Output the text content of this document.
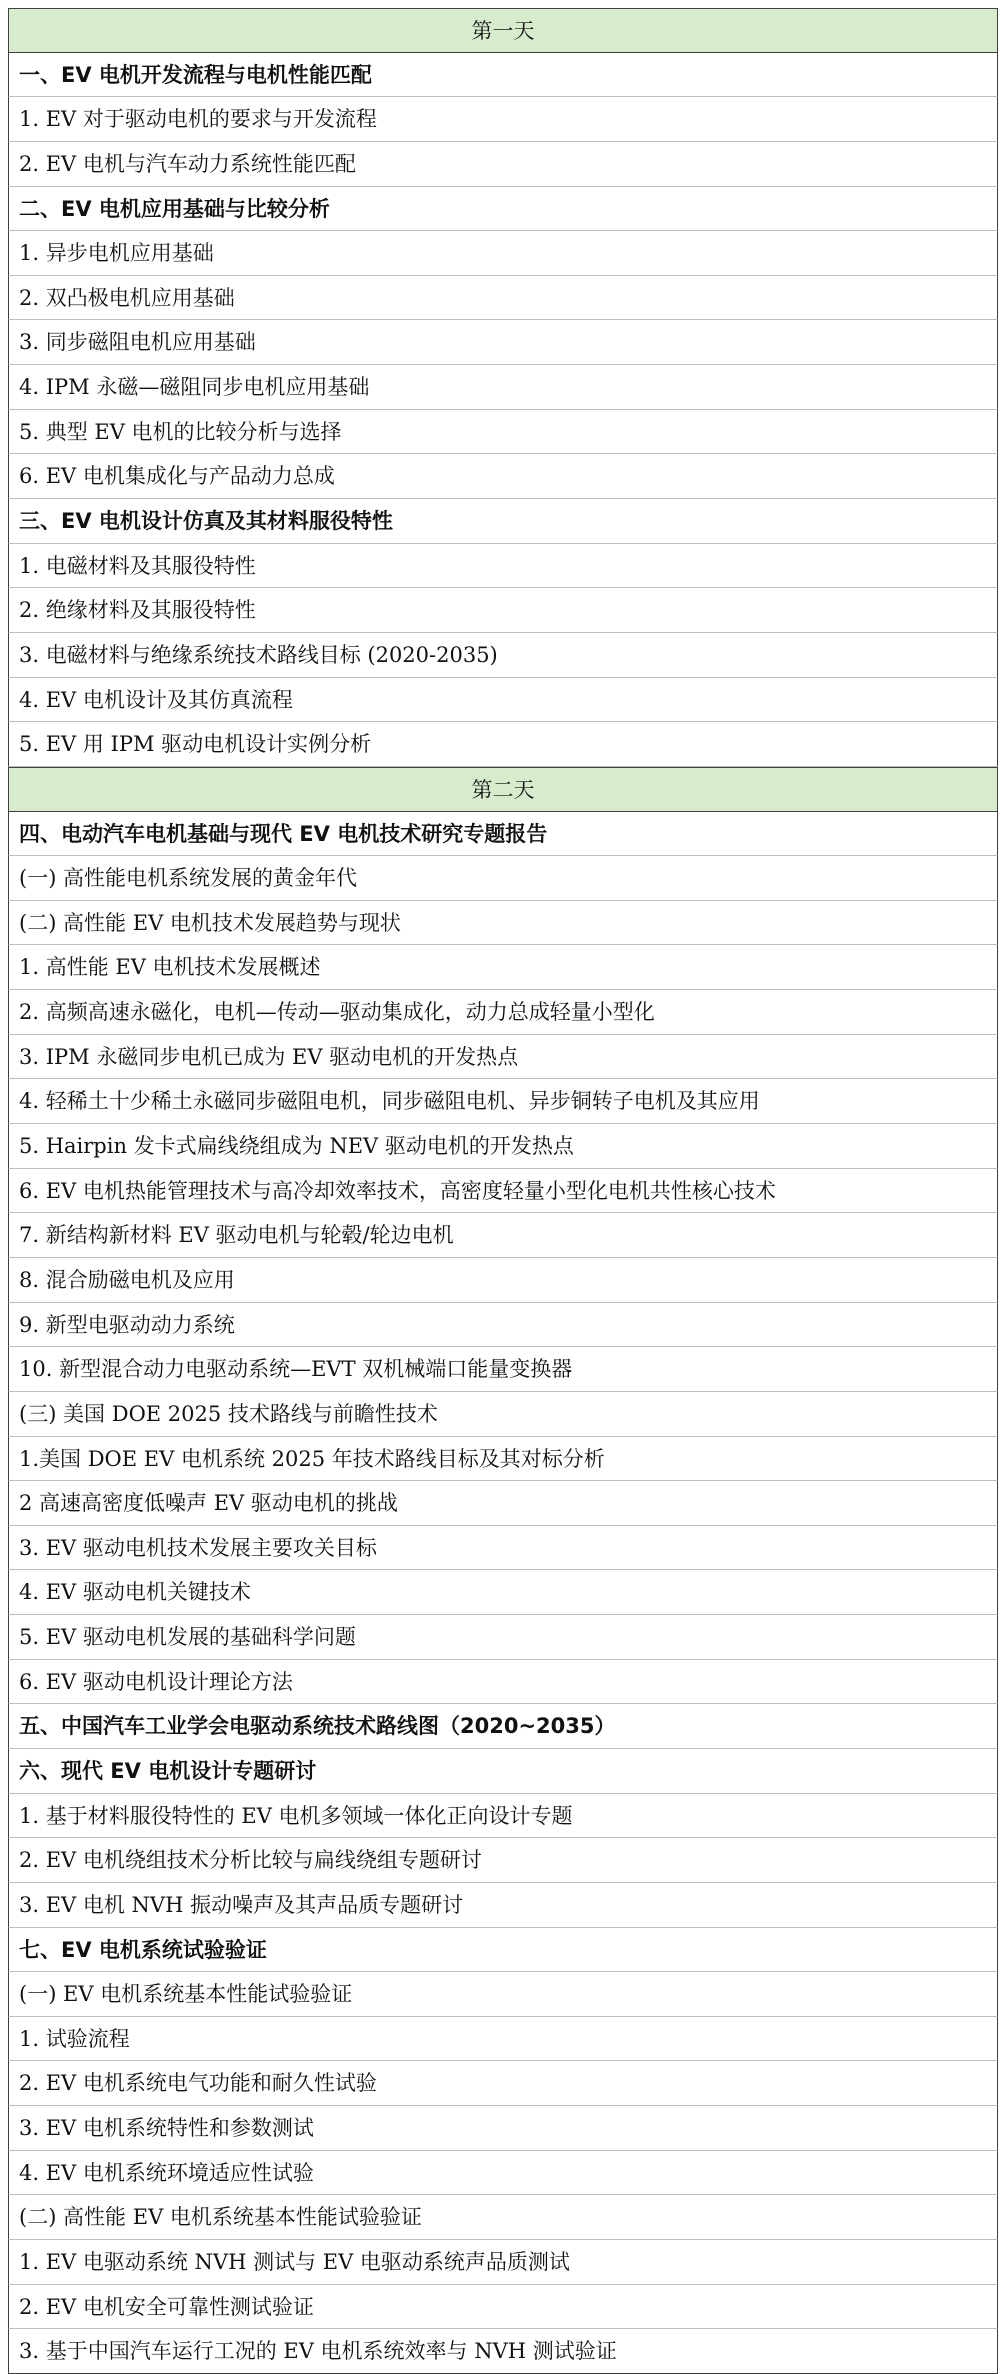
第一天
一、EV 电机开发流程与电机性能匹配
1. EV 对于驱动电机的要求与开发流程
2. EV 电机与汽车动力系统性能匹配
二、EV 电机应用基础与比较分析
1. 异步电机应用基础
2. 双凸极电机应用基础
3. 同步磁阻电机应用基础
4. IPM 永磁—磁阻同步电机应用基础
5. 典型 EV 电机的比较分析与选择
6. EV 电机集成化与产品动力总成
三、EV 电机设计仿真及其材料服役特性
1. 电磁材料及其服役特性
2. 绝缘材料及其服役特性
3. 电磁材料与绝缘系统技术路线目标 (2020-2035)
4. EV 电机设计及其仿真流程
5. EV 用 IPM 驱动电机设计实例分析
第二天
四、电动汽车电机基础与现代 EV 电机技术研究专题报告
(一) 高性能电机系统发展的黄金年代
(二) 高性能 EV 电机技术发展趋势与现状
1. 高性能 EV 电机技术发展概述
2. 高频高速永磁化，电机—传动—驱动集成化，动力总成轻量小型化
3. IPM 永磁同步电机已成为 EV 驱动电机的开发热点
4. 轻稀土十少稀土永磁同步磁阻电机，同步磁阻电机、异步铜转子电机及其应用
5. Hairpin 发卡式扁线绕组成为 NEV 驱动电机的开发热点
6. EV 电机热能管理技术与高冷却效率技术，高密度轻量小型化电机共性核心技术
7. 新结构新材料 EV 驱动电机与轮毂/轮边电机
8. 混合励磁电机及应用
9. 新型电驱动动力系统
10. 新型混合动力电驱动系统—EVT 双机械端口能量变换器
(三) 美国 DOE 2025 技术路线与前瞻性技术
1.美国 DOE EV 电机系统 2025 年技术路线目标及其对标分析
2 高速高密度低噪声 EV 驱动电机的挑战
3. EV 驱动电机技术发展主要攻关目标
4. EV 驱动电机关键技术
5. EV 驱动电机发展的基础科学问题
6. EV 驱动电机设计理论方法
五、中国汽车工业学会电驱动系统技术路线图（2020~2035）
六、现代 EV 电机设计专题研讨
1. 基于材料服役特性的 EV 电机多领域一体化正向设计专题
2. EV 电机绕组技术分析比较与扁线绕组专题研讨
3. EV 电机 NVH 振动噪声及其声品质专题研讨
七、EV 电机系统试验验证
(一) EV 电机系统基本性能试验验证
1. 试验流程
2. EV 电机系统电气功能和耐久性试验
3. EV 电机系统特性和参数测试
4. EV 电机系统环境适应性试验
(二) 高性能 EV 电机系统基本性能试验验证
1. EV 电驱动系统 NVH 测试与 EV 电驱动系统声品质测试
2. EV 电机安全可靠性测试验证
3. 基于中国汽车运行工况的 EV 电机系统效率与 NVH 测试验证
